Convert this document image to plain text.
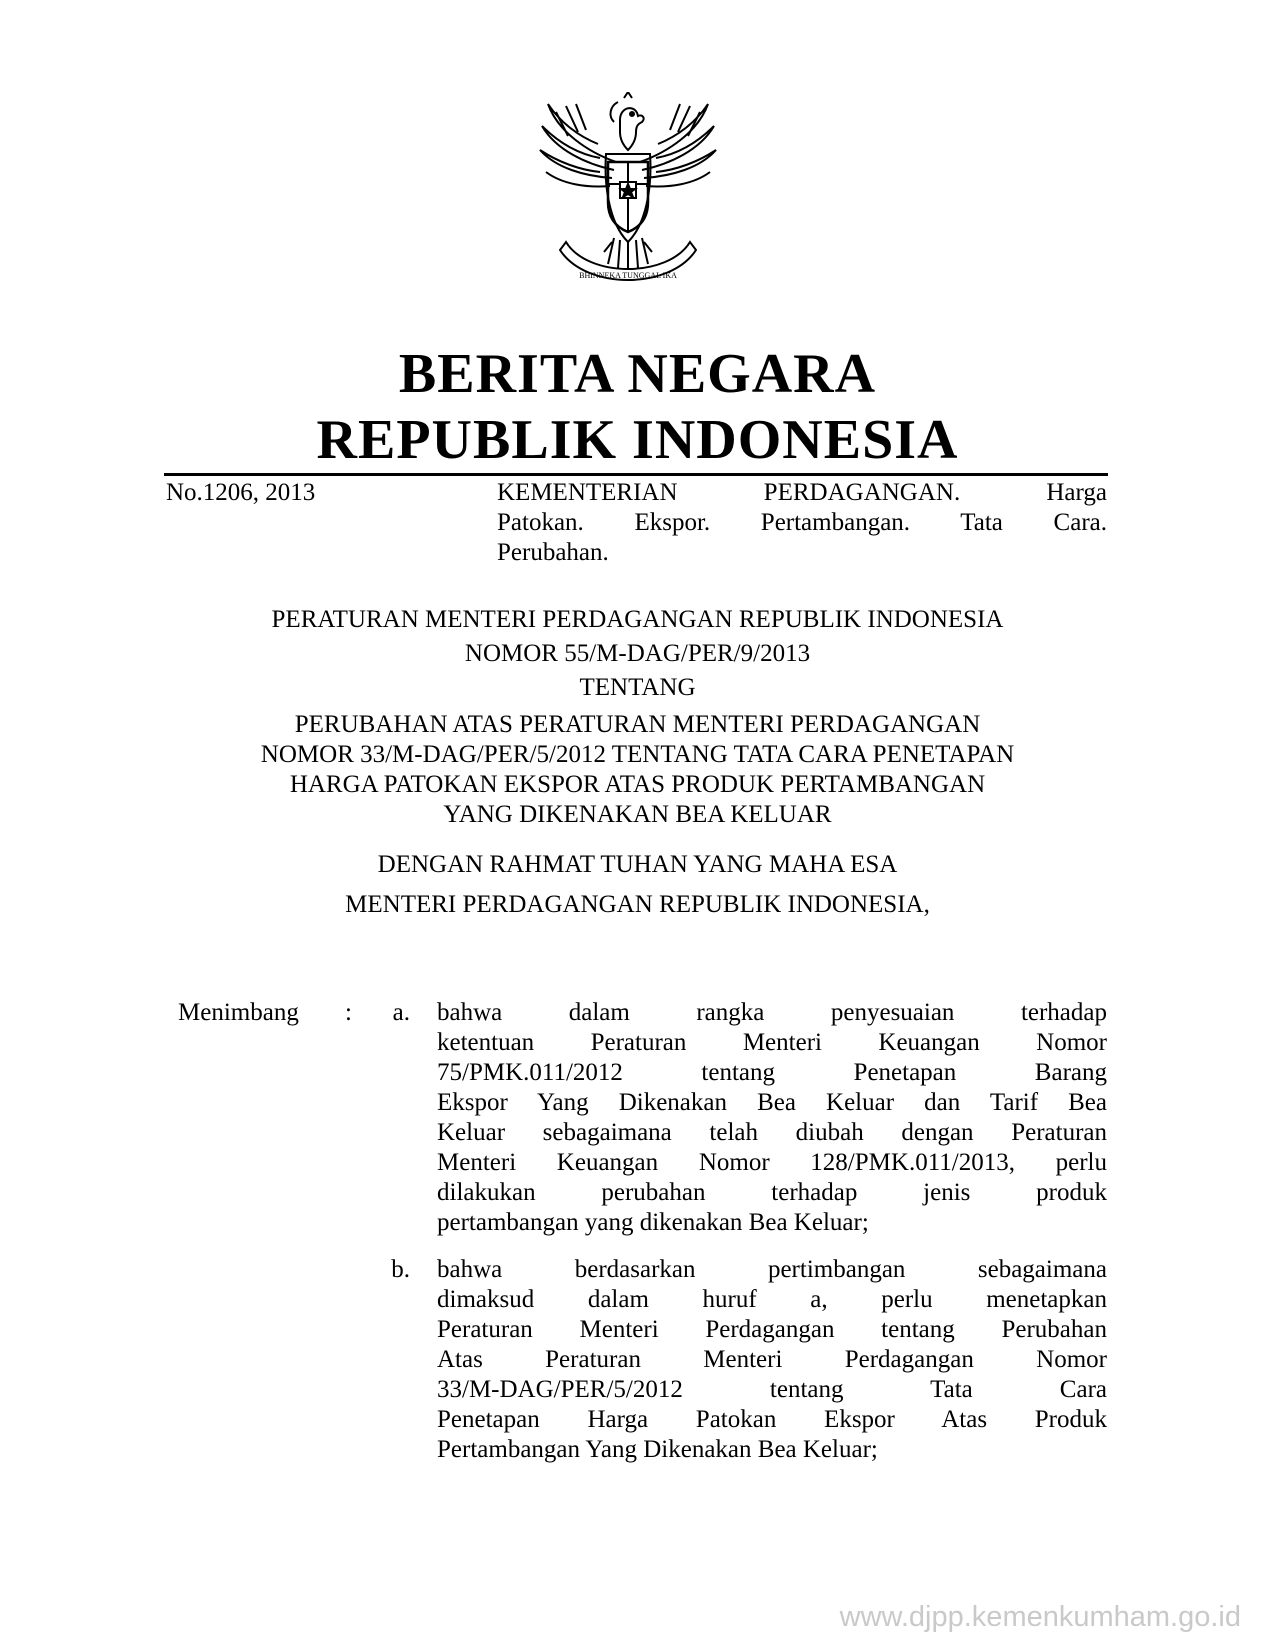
BHINNEKA TUNGGAL IKA
BERITA NEGARA
REPUBLIK INDONESIA
No.1206, 2013	KEMENTERIAN PERDAGANGAN. Harga
Patokan. Ekspor. Pertambangan. Tata Cara.
Perubahan.
PERATURAN MENTERI PERDAGANGAN REPUBLIK INDONESIA
NOMOR 55/M-DAG/PER/9/2013
TENTANG
PERUBAHAN ATAS PERATURAN MENTERI PERDAGANGAN
NOMOR 33/M-DAG/PER/5/2012 TENTANG TATA CARA PENETAPAN
HARGA PATOKAN EKSPOR ATAS PRODUK PERTAMBANGAN
YANG DIKENAKAN BEA KELUAR
DENGAN RAHMAT TUHAN YANG MAHA ESA
MENTERI PERDAGANGAN REPUBLIK INDONESIA,
Menimbang :	a. bahwa dalam rangka penyesuaian terhadap
ketentuan Peraturan Menteri Keuangan Nomor
75/PMK.011/2012 tentang Penetapan Barang
Ekspor Yang Dikenakan Bea Keluar dan Tarif Bea
Keluar sebagaimana telah diubah dengan Peraturan
Menteri Keuangan Nomor 128/PMK.011/2013, perlu
dilakukan perubahan terhadap jenis produk
pertambangan yang dikenakan Bea Keluar;
b. bahwa berdasarkan pertimbangan sebagaimana
dimaksud dalam huruf a, perlu menetapkan
Peraturan Menteri Perdagangan tentang Perubahan
Atas Peraturan Menteri Perdagangan Nomor
33/M-DAG/PER/5/2012 tentang Tata Cara
Penetapan Harga Patokan Ekspor Atas Produk
Pertambangan Yang Dikenakan Bea Keluar;
www.djpp.kemenkumham.go.id
